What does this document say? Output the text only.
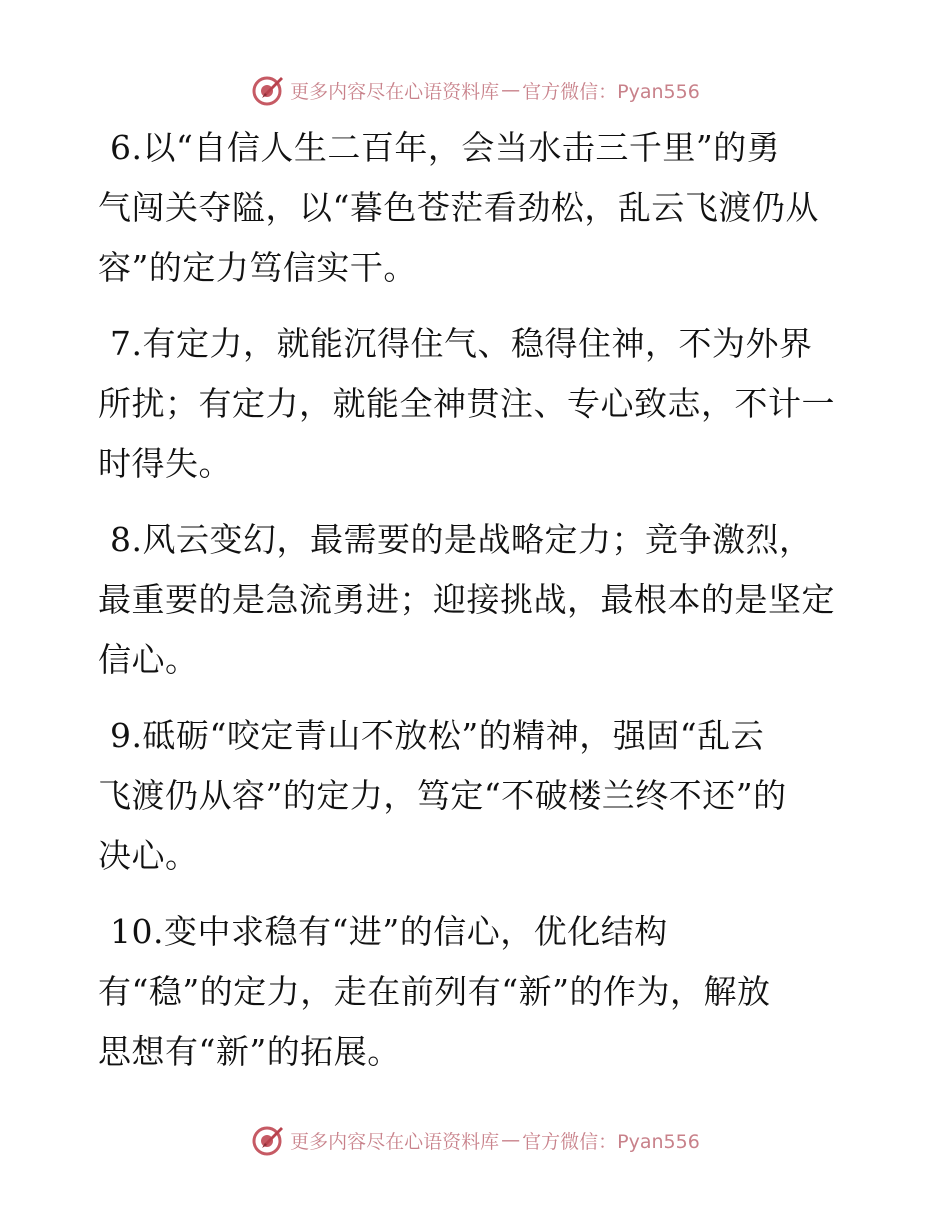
更多内容尽在心语资料库 — 官方微信：Pyan556
6.以“自信人生二百年，会当水击三千里”的勇
气闯关夺隘，以“暮色苍茫看劲松，乱云飞渡仍从
容”的定力笃信实干。
7.有定力，就能沉得住气、稳得住神，不为外界
所扰；有定力，就能全神贯注、专心致志，不计一
时得失。
8.风云变幻，最需要的是战略定力；竞争激烈，
最重要的是急流勇进；迎接挑战，最根本的是坚定
信心。
9.砥砺“咬定青山不放松”的精神，强固“乱云
飞渡仍从容”的定力，笃定“不破楼兰终不还”的
决心。
10.变中求稳有“进”的信心，优化结构
有“稳”的定力，走在前列有“新”的作为，解放
思想有“新”的拓展。
更多内容尽在心语资料库 — 官方微信：Pyan556
